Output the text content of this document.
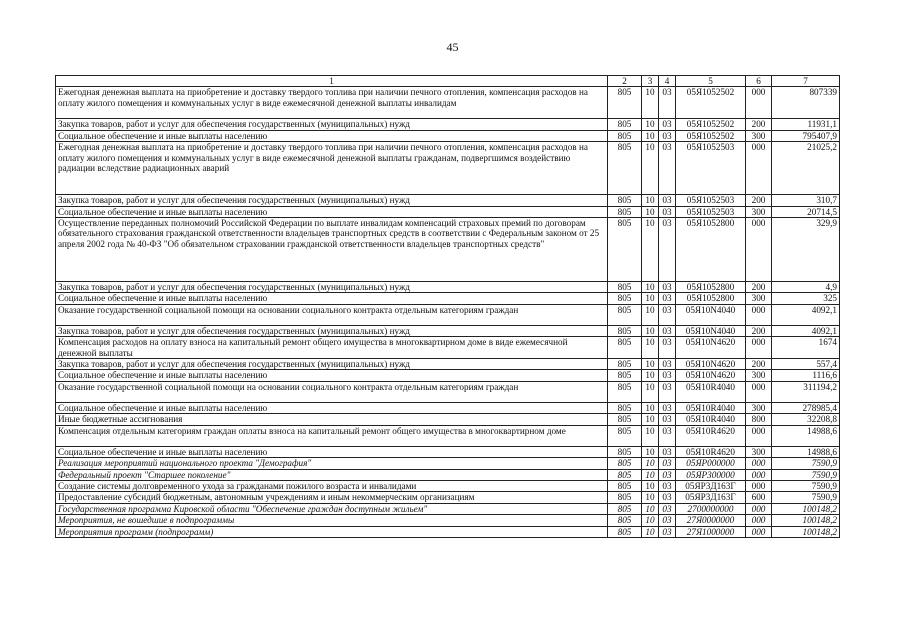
45
1	2	3	4	5	6	7
Ежегодная денежная выплата на приобретение и доставку твердого топлива при наличии печного отопления, компенсация расходов на оплату жилого помещения и коммунальных услуг в виде ежемесячной денежной выплаты инвалидам	805	10	03	05Я1052502	000	807339
Закупка товаров, работ и услуг для обеспечения государственных (муниципальных) нужд	805	10	03	05Я1052502	200	11931,1
Социальное обеспечение и иные выплаты населению	805	10	03	05Я1052502	300	795407,9
Ежегодная денежная выплата на приобретение и доставку твердого топлива при наличии печного отопления, компенсация расходов на оплату жилого помещения и коммунальных услуг в виде ежемесячной денежной выплаты гражданам, подвергшимся воздействию радиации вследствие радиационных аварий	805	10	03	05Я1052503	000	21025,2
Закупка товаров, работ и услуг для обеспечения государственных (муниципальных) нужд	805	10	03	05Я1052503	200	310,7
Социальное обеспечение и иные выплаты населению	805	10	03	05Я1052503	300	20714,5
Осуществление переданных полномочий Российской Федерации по выплате инвалидам компенсаций страховых премий по договорам обязательного страхования гражданской ответственности владельцев транспортных средств в соответствии с Федеральным законом от 25 апреля 2002 года № 40-ФЗ "Об обязательном страховании гражданской ответственности владельцев транспортных средств"	805	10	03	05Я1052800	000	329,9
Закупка товаров, работ и услуг для обеспечения государственных (муниципальных) нужд	805	10	03	05Я1052800	200	4,9
Социальное обеспечение и иные выплаты населению	805	10	03	05Я1052800	300	325
Оказание государственной социальной помощи на основании социального контракта отдельным категориям граждан	805	10	03	05Я10N4040	000	4092,1
Закупка товаров, работ и услуг для обеспечения государственных (муниципальных) нужд	805	10	03	05Я10N4040	200	4092,1
Компенсация расходов на оплату взноса на капитальный ремонт общего имущества в многоквартирном доме в виде ежемесячной денежной выплаты	805	10	03	05Я10N4620	000	1674
Закупка товаров, работ и услуг для обеспечения государственных (муниципальных) нужд	805	10	03	05Я10N4620	200	557,4
Социальное обеспечение и иные выплаты населению	805	10	03	05Я10N4620	300	1116,6
Оказание государственной социальной помощи на основании социального контракта отдельным категориям граждан	805	10	03	05Я10R4040	000	311194,2
Социальное обеспечение и иные выплаты населению	805	10	03	05Я10R4040	300	278985,4
Иные бюджетные ассигнования	805	10	03	05Я10R4040	800	32208,8
Компенсация отдельным категориям граждан оплаты взноса на капитальный ремонт общего имущества в многоквартирном доме	805	10	03	05Я10R4620	000	14988,6
Социальное обеспечение и иные выплаты населению	805	10	03	05Я10R4620	300	14988,6
Реализация мероприятий национального проекта "Демография"	805	10	03	05ЯР000000	000	7590,9
Федеральный проект "Старшее поколение"	805	10	03	05ЯР300000	000	7590,9
Создание системы долговременного ухода за гражданами пожилого возраста и инвалидами	805	10	03	05ЯР3Д163Г	000	7590,9
Предоставление субсидий бюджетным, автономным учреждениям и иным некоммерческим организациям	805	10	03	05ЯР3Д163Г	600	7590,9
Государственная программа Кировской области "Обеспечение граждан доступным жильем"	805	10	03	2700000000	000	100148,2
Мероприятия, не вошедшие в подпрограммы	805	10	03	27Я0000000	000	100148,2
Мероприятия программ (подпрограмм)	805	10	03	27Я1000000	000	100148,2
